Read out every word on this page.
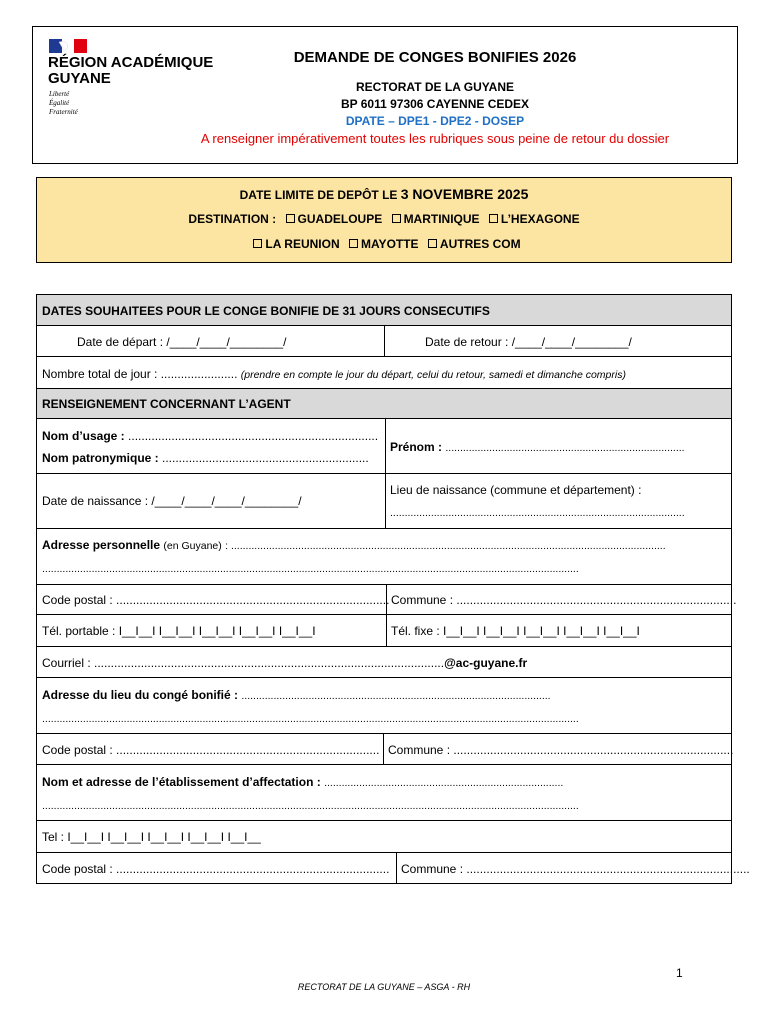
RÉGION ACADÉMIQUE
GUYANE
Liberté
Égalité
Fraternité
DEMANDE DE CONGES BONIFIES 2026
RECTORAT DE LA GUYANE
BP 6011 97306 CAYENNE CEDEX
DPATE – DPE1 - DPE2 - DOSEP
A renseigner impérativement toutes les rubriques sous peine de retour du dossier
DATE LIMITE DE DEPÔT LE 3 NOVEMBRE 2025
DESTINATION : GUADELOUPE MARTINIQUE L’HEXAGONE
LA REUNION MAYOTTE AUTRES COM
DATES SOUHAITEES POUR LE CONGE BONIFIE DE 31 JOURS CONSECUTIFS
Date de départ : /____/____/________/	Date de retour : /____/____/________/
Nombre total de jour : ....................... (prendre en compte le jour du départ, celui du retour, samedi et dimanche compris)
RENSEIGNEMENT CONCERNANT L’AGENT
Nom d’usage : ...........................................................................
Nom patronymique : ..............................................................
Prénom : ..................................................................................
Date de naissance : /____/____/____/________/
Lieu de naissance (commune et département) :
.....................................................................................................
Adresse personnelle (en Guyane) : .....................................................................................................................................................
........................................................................................................................................................................................
Code postal : .................................................................................. Commune : ....................................................................................
Tél. portable : I__I__I I__I__I I__I__I I__I__I I__I__I	Tél. fixe : I__I__I I__I__I I__I__I I__I__I I__I__I
Courriel : .........................................................................................................@ac-guyane.fr
Adresse du lieu du congé bonifié : ..........................................................................................................
........................................................................................................................................................................................
Code postal : ............................................................................... Commune : ....................................................................................
Nom et adresse de l’établissement d’affectation : ..................................................................................
........................................................................................................................................................................................
Tel : I__I__I I__I__I I__I__I I__I__I I__I__
Code postal : .................................................................................. Commune : .....................................................................................
1
RECTORAT DE LA GUYANE – ASGA - RH
